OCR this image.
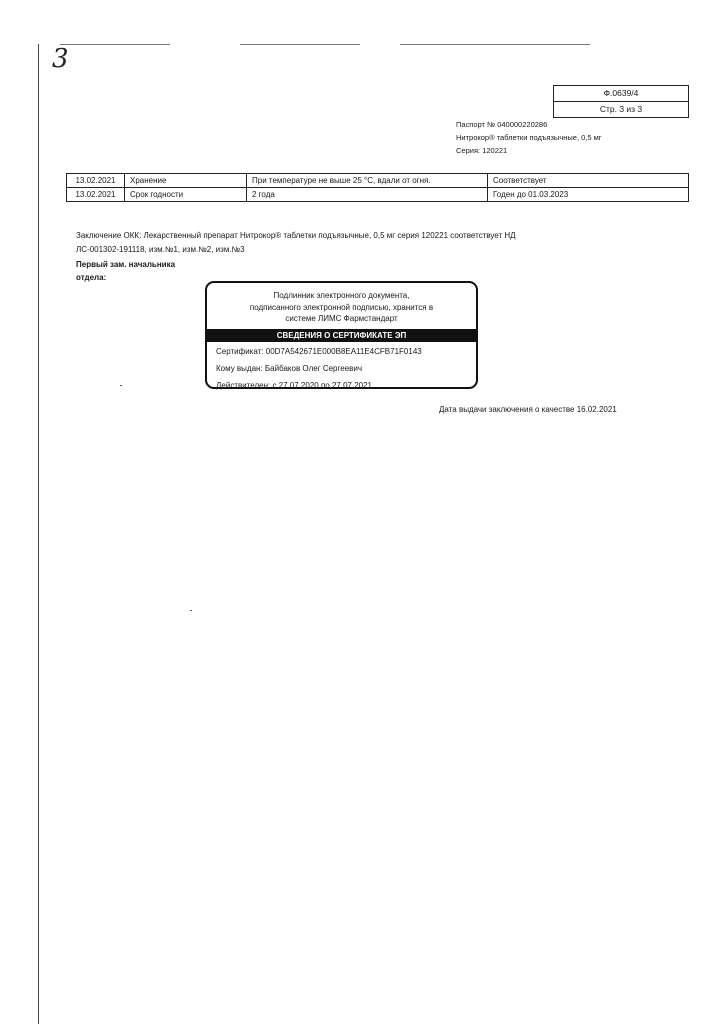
3
Ф.0639/4
Стр. 3 из 3
Паспорт № 040000220286
Нитрокор® таблетки подъязычные, 0,5 мг
Серия: 120221
13.02.2021	Хранение	При температуре не выше 25 °С, вдали от огня.	Соответствует
13.02.2021	Срок годности	2 года	Годен до 01.03.2023
Заключение ОКК: Лекарственный препарат Нитрокор® таблетки подъязычные, 0,5 мг серия 120221 соответствует НД
ЛС-001302-191118, изм.№1, изм.№2, изм.№3
Первый зам. начальника
отдела:
Подлинник электронного документа,
подписанного электронной подписью, хранится в
системе ЛИМС Фармстандарт
СВЕДЕНИЯ О СЕРТИФИКАТЕ ЭП
Сертификат: 00D7A542671E000B8EA11E4CFB71F0143
Кому выдан: Байбаков Олег Сергеевич
Действителен: с 27.07.2020 по 27.07.2021
Дата выдачи заключения о качестве 16.02.2021
